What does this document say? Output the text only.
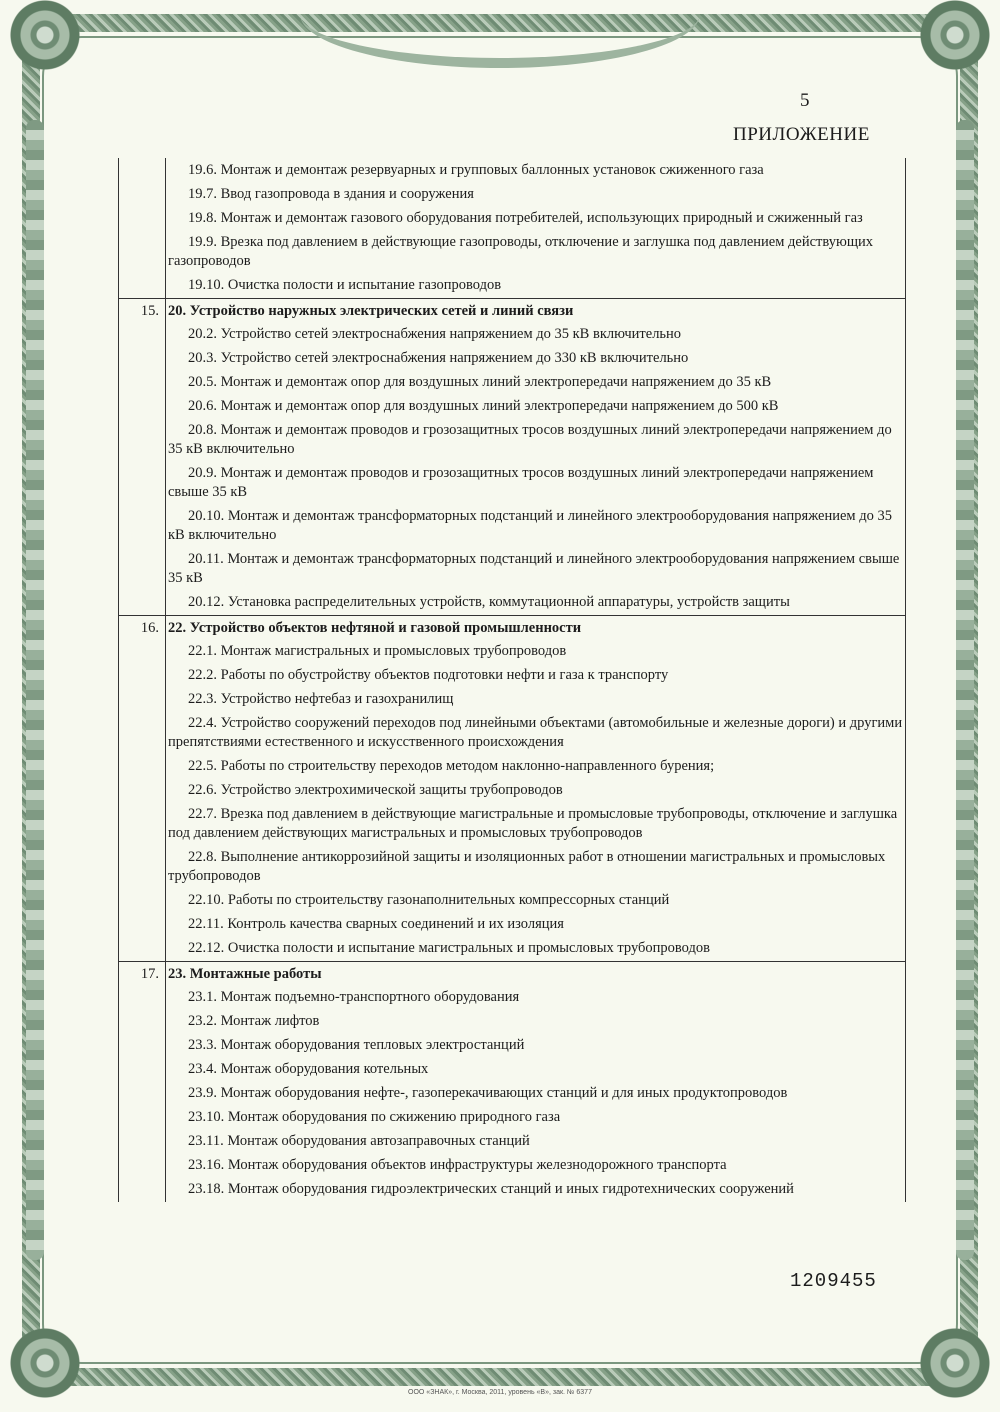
5
ПРИЛОЖЕНИЕ
19.6. Монтаж и демонтаж резервуарных и групповых баллонных установок сжиженного газа
19.7. Ввод газопровода в здания и сооружения
19.8. Монтаж и демонтаж газового оборудования потребителей, использующих природный и сжиженный газ
19.9. Врезка под давлением в действующие газопроводы, отключение и заглушка под давлением действующих газопроводов
19.10. Очистка полости и испытание газопроводов
15. 20. Устройство наружных электрических сетей и линий связи
20.2. Устройство сетей электроснабжения напряжением до 35 кВ включительно
20.3. Устройство сетей электроснабжения напряжением до 330 кВ включительно
20.5. Монтаж и демонтаж опор для воздушных линий электропередачи напряжением до 35 кВ
20.6. Монтаж и демонтаж опор для воздушных линий электропередачи напряжением до 500 кВ
20.8. Монтаж и демонтаж проводов и грозозащитных тросов воздушных линий электропередачи напряжением до 35 кВ включительно
20.9. Монтаж и демонтаж проводов и грозозащитных тросов воздушных линий электропередачи напряжением свыше 35 кВ
20.10. Монтаж и демонтаж трансформаторных подстанций и линейного электрооборудования напряжением до 35 кВ включительно
20.11. Монтаж и демонтаж трансформаторных подстанций и линейного электрооборудования напряжением свыше 35 кВ
20.12. Установка распределительных устройств, коммутационной аппаратуры, устройств защиты
16. 22. Устройство объектов нефтяной и газовой промышленности
22.1. Монтаж магистральных и промысловых трубопроводов
22.2. Работы по обустройству объектов подготовки нефти и газа к транспорту
22.3. Устройство нефтебаз и газохранилищ
22.4. Устройство сооружений переходов под линейными объектами (автомобильные и железные дороги) и другими препятствиями естественного и искусственного происхождения
22.5. Работы по строительству переходов методом наклонно-направленного бурения;
22.6. Устройство электрохимической защиты трубопроводов
22.7. Врезка под давлением в действующие магистральные и промысловые трубопроводы, отключение и заглушка под давлением действующих магистральных и промысловых трубопроводов
22.8. Выполнение антикоррозийной защиты и изоляционных работ в отношении магистральных и промысловых трубопроводов
22.10. Работы по строительству газонаполнительных компрессорных станций
22.11. Контроль качества сварных соединений и их изоляция
22.12. Очистка полости и испытание магистральных и промысловых трубопроводов
17. 23. Монтажные работы
23.1. Монтаж подъемно-транспортного оборудования
23.2. Монтаж лифтов
23.3. Монтаж оборудования тепловых электростанций
23.4. Монтаж оборудования котельных
23.9. Монтаж оборудования нефте-, газоперекачивающих станций и для иных продуктопроводов
23.10. Монтаж оборудования по сжижению природного газа
23.11. Монтаж оборудования автозаправочных станций
23.16. Монтаж оборудования объектов инфраструктуры железнодорожного транспорта
23.18. Монтаж оборудования гидроэлектрических станций и иных гидротехнических сооружений
1209455
ООО «ЗНАК», г. Москва, 2011, уровень «В», зак. № 6377
